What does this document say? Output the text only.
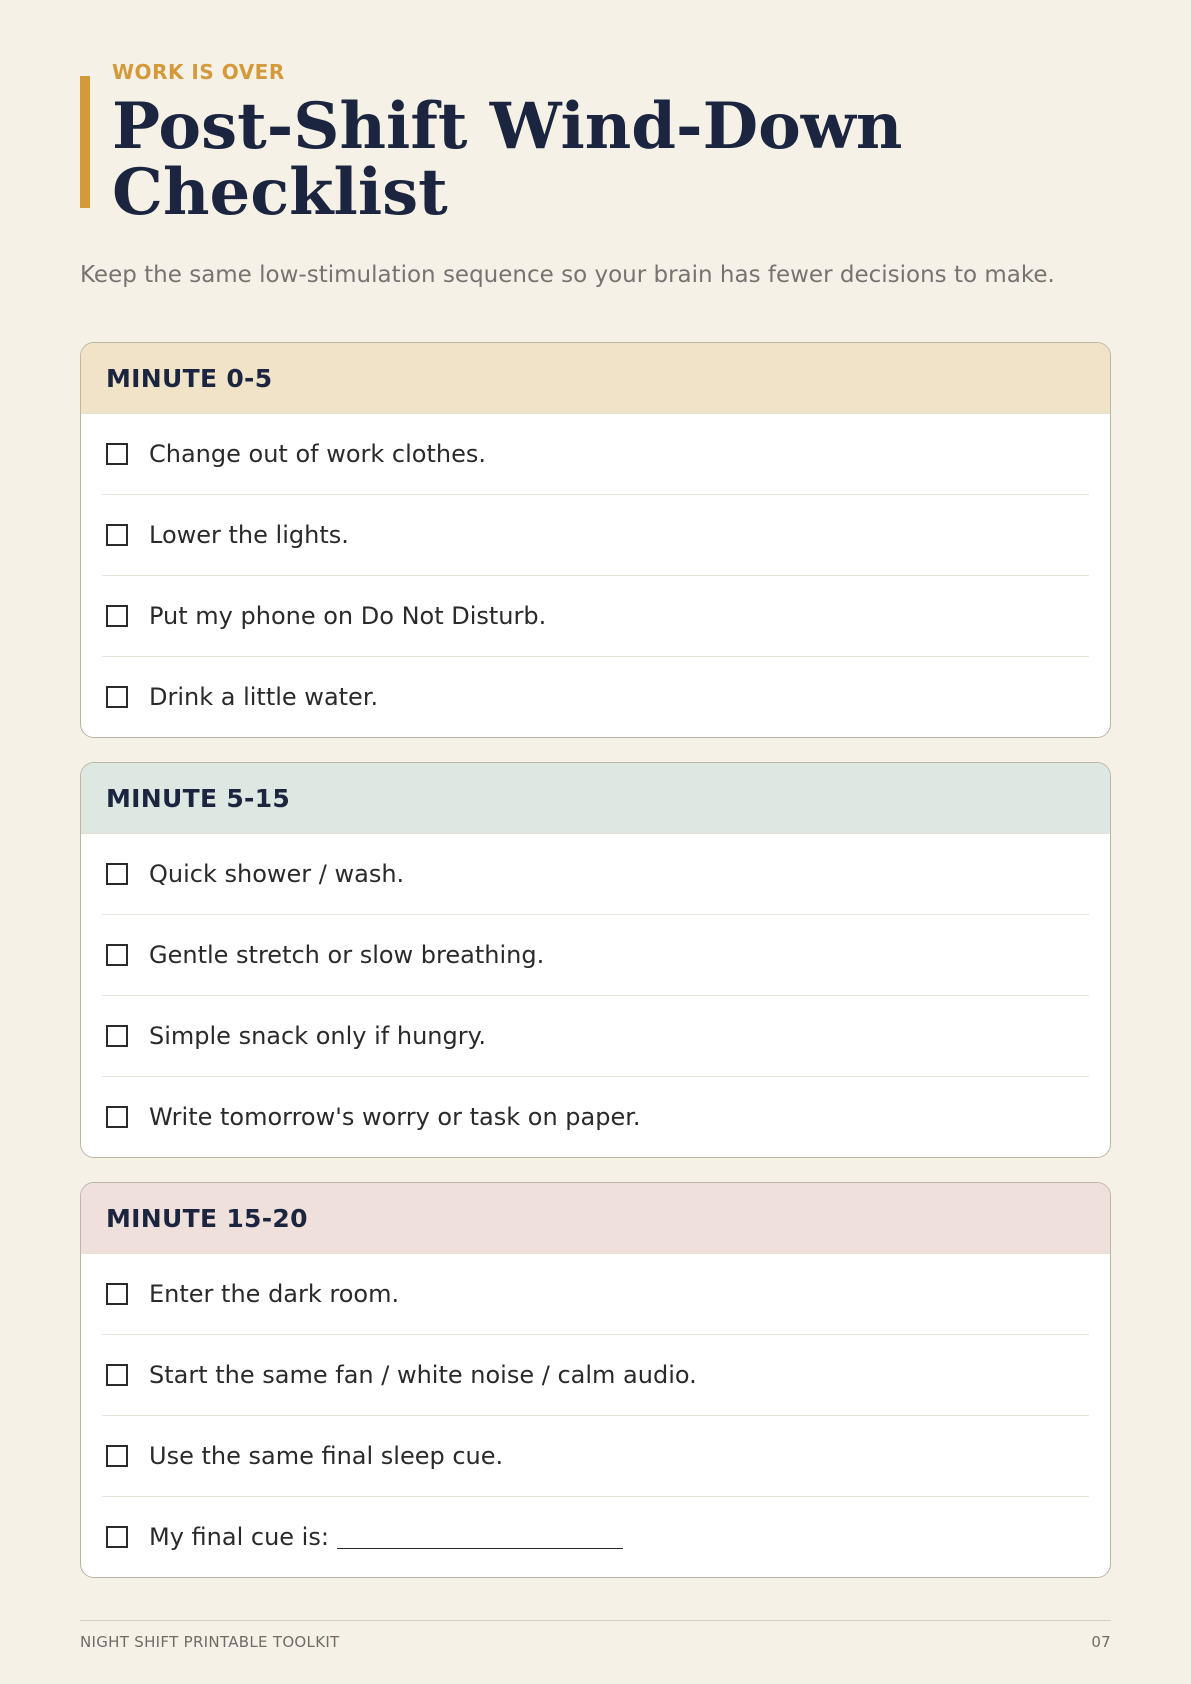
WORK IS OVER
Post-Shift Wind-Down Checklist
Keep the same low-stimulation sequence so your brain has fewer decisions to make.
MINUTE 0-5
Change out of work clothes.
Lower the lights.
Put my phone on Do Not Disturb.
Drink a little water.
MINUTE 5-15
Quick shower / wash.
Gentle stretch or slow breathing.
Simple snack only if hungry.
Write tomorrow's worry or task on paper.
MINUTE 15-20
Enter the dark room.
Start the same fan / white noise / calm audio.
Use the same final sleep cue.
My final cue is:
NIGHT SHIFT PRINTABLE TOOLKIT	07
